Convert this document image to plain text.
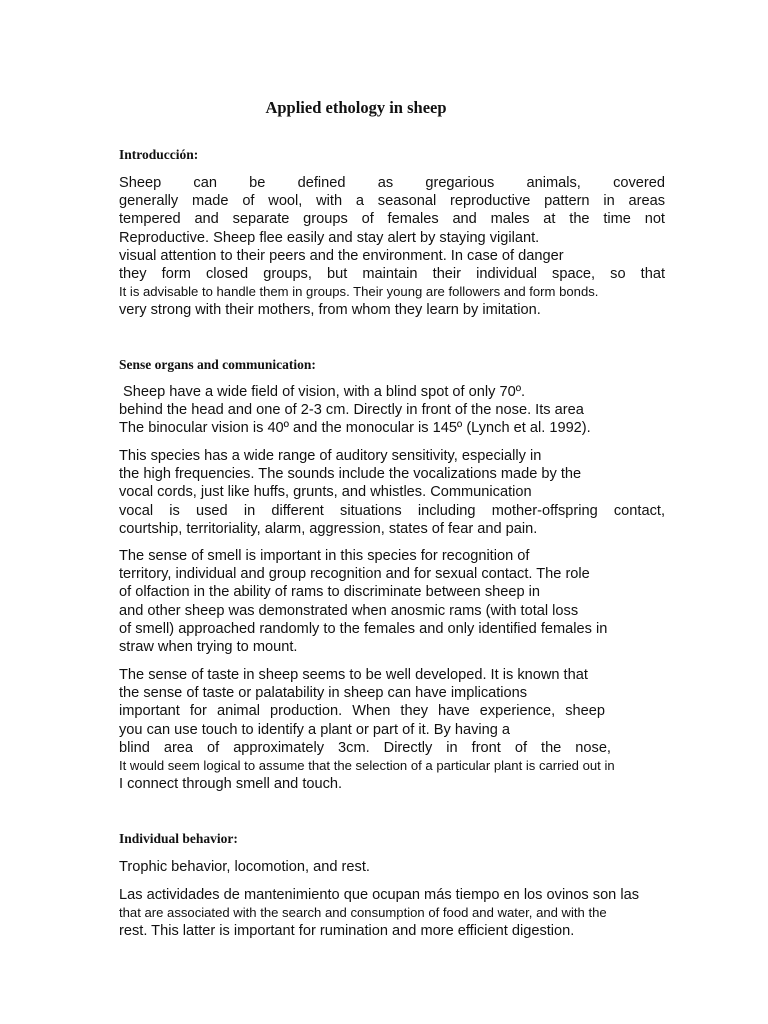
Applied ethology in sheep
Introducción:
Sheep can be defined as gregarious animals, covered
generally made of wool, with a seasonal reproductive pattern in areas
tempered and separate groups of females and males at the time not
Reproductive. Sheep flee easily and stay alert by staying vigilant.
visual attention to their peers and the environment. In case of danger
they form closed groups, but maintain their individual space, so that
It is advisable to handle them in groups. Their young are followers and form bonds.
very strong with their mothers, from whom they learn by imitation.
Sense organs and communication:
Sheep have a wide field of vision, with a blind spot of only 70º.
behind the head and one of 2-3 cm. Directly in front of the nose. Its area
The binocular vision is 40º and the monocular is 145º (Lynch et al. 1992).
This species has a wide range of auditory sensitivity, especially in
the high frequencies. The sounds include the vocalizations made by the
vocal cords, just like huffs, grunts, and whistles. Communication
vocal is used in different situations including mother-offspring contact,
courtship, territoriality, alarm, aggression, states of fear and pain.
The sense of smell is important in this species for recognition of
territory, individual and group recognition and for sexual contact. The role
of olfaction in the ability of rams to discriminate between sheep in
and other sheep was demonstrated when anosmic rams (with total loss
of smell) approached randomly to the females and only identified females in
straw when trying to mount.
The sense of taste in sheep seems to be well developed. It is known that
the sense of taste or palatability in sheep can have implications
important for animal production. When they have experience, sheep
you can use touch to identify a plant or part of it. By having a
blind area of approximately 3cm. Directly in front of the nose,
It would seem logical to assume that the selection of a particular plant is carried out in
I connect through smell and touch.
Individual behavior:
Trophic behavior, locomotion, and rest.
Las actividades de mantenimiento que ocupan más tiempo en los ovinos son las
that are associated with the search and consumption of food and water, and with the
rest. This latter is important for rumination and more efficient digestion.
